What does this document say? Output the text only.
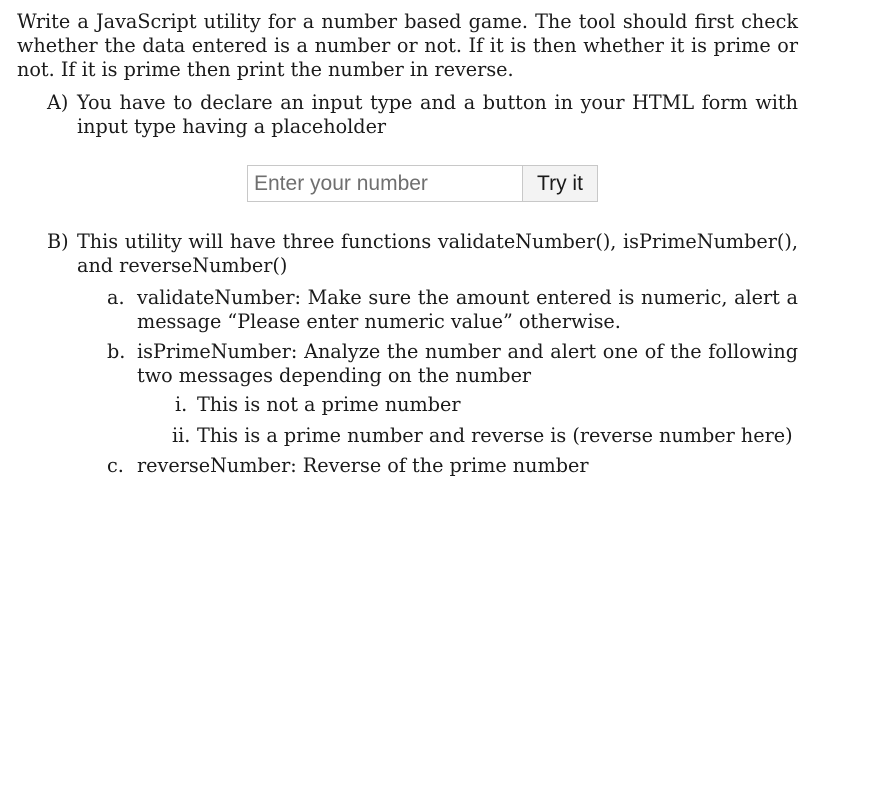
Write a JavaScript utility for a number based game. The tool should first check
whether the data entered is a number or not. If it is then whether it is prime or
not. If it is prime then print the number in reverse.
A) You have to declare an input type and a button in your HTML form with
input type having a placeholder
Enter your number
Try it
B) This utility will have three functions validateNumber(), isPrimeNumber(),
and reverseNumber()
a. validateNumber: Make sure the amount entered is numeric, alert a
message “Please enter numeric value” otherwise.
b. isPrimeNumber: Analyze the number and alert one of the following
two messages depending on the number
i. This is not a prime number
ii. This is a prime number and reverse is (reverse number here)
c. reverseNumber: Reverse of the prime number
